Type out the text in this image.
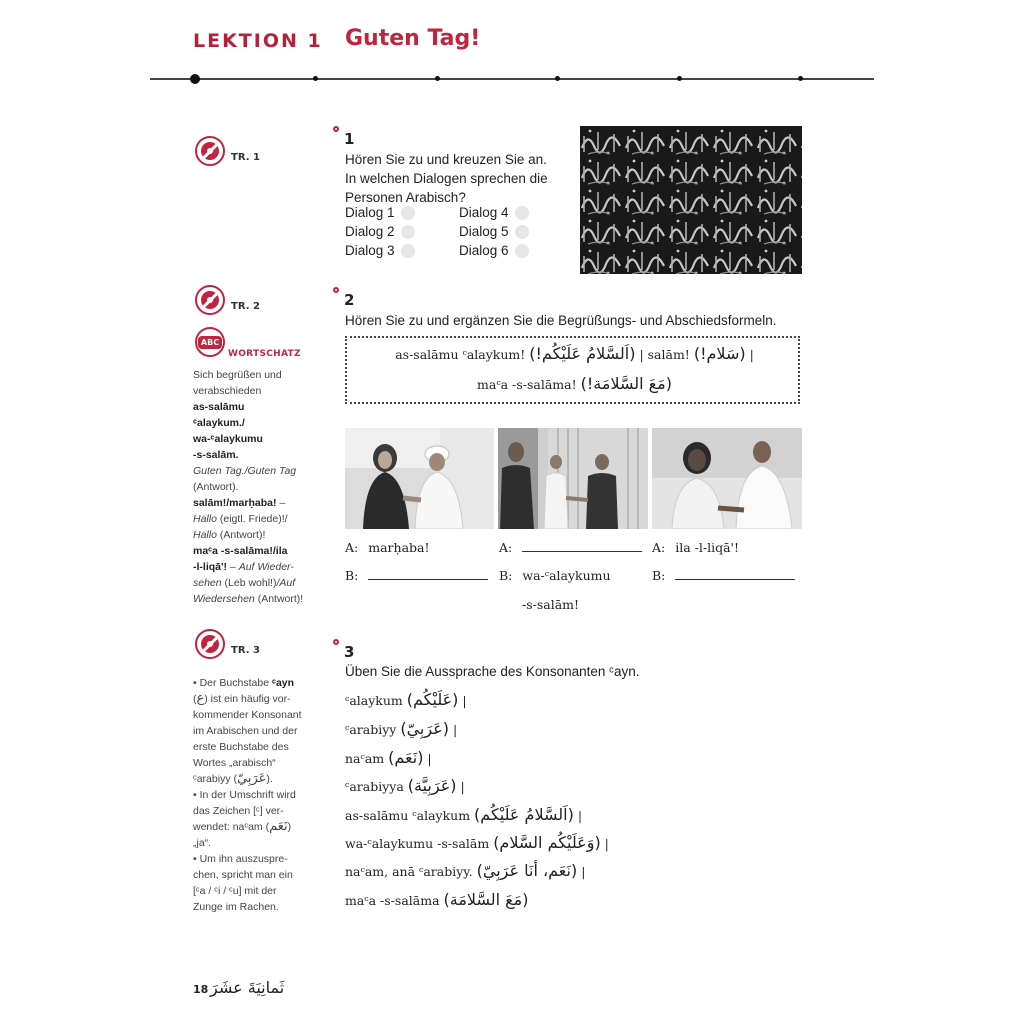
LEKTION 1 Guten Tag!
TR. 1
1
Hören Sie zu und kreuzen Sie an.
In welchen Dialogen sprechen die
Personen Arabisch?
Dialog 1
Dialog 2
Dialog 3
Dialog 4
Dialog 5
Dialog 6
TR. 2
ABC
WORTSCHATZ
Sich begrüßen und
verabschieden
as-salāmu
ᶜalaykum./
wa-ᶜalaykumu
-s-salām.
Guten Tag./Guten Tag
(Antwort).
salām!/marḥaba! –
Hallo (eigtl. Friede)!/
Hallo (Antwort)!
maᶜa -s-salāma!/ila
-l-liqā'! – Auf Wieder-
sehen (Leb wohl!)/Auf
Wiedersehen (Antwort)!
2
Hören Sie zu und ergänzen Sie die Begrüßungs- und Abschiedsformeln.
as-salāmu ᶜalaykum! (اَلسَّلامُ عَلَيْكُم!) | salām! (سَلام!) |
maᶜa -s-salāma! (مَعَ السَّلامَة!)
A: marḥaba!
B:
A:
B: wa-ᶜalaykumu
-s-salām!
A: ila -l-liqā'!
B:
TR. 3
• Der Buchstabe ᶜayn
(ع) ist ein häufig vor-
kommender Konsonant
im Arabischen und der
erste Buchstabe des
Wortes „arabisch“
ᶜarabiyy (عَرَبِيّ).
• In der Umschrift wird
das Zeichen [ᶜ] ver-
wendet: naᶜam (نَعَم)
„ja“.
• Um ihn auszuspre-
chen, spricht man ein
[ᶜa / ᶜi / ᶜu] mit der
Zunge im Rachen.
3
Üben Sie die Aussprache des Konsonanten ᶜayn.
ᶜalaykum (عَلَيْكُم) |
ᶜarabiyy (عَرَبِيّ) |
naᶜam (نَعَم) |
ᶜarabiyya (عَرَبِيَّة) |
as-salāmu ᶜalaykum (اَلسَّلامُ عَلَيْكُم) |
wa-ᶜalaykumu -s-salām (وَعَلَيْكُم السَّلام) |
naᶜam, anā ᶜarabiyy. (نَعَم، أنَا عَرَبِيّ) |
maᶜa -s-salāma (مَعَ السَّلامَة)
18 ثَمانِيَةَ عشَرَ
